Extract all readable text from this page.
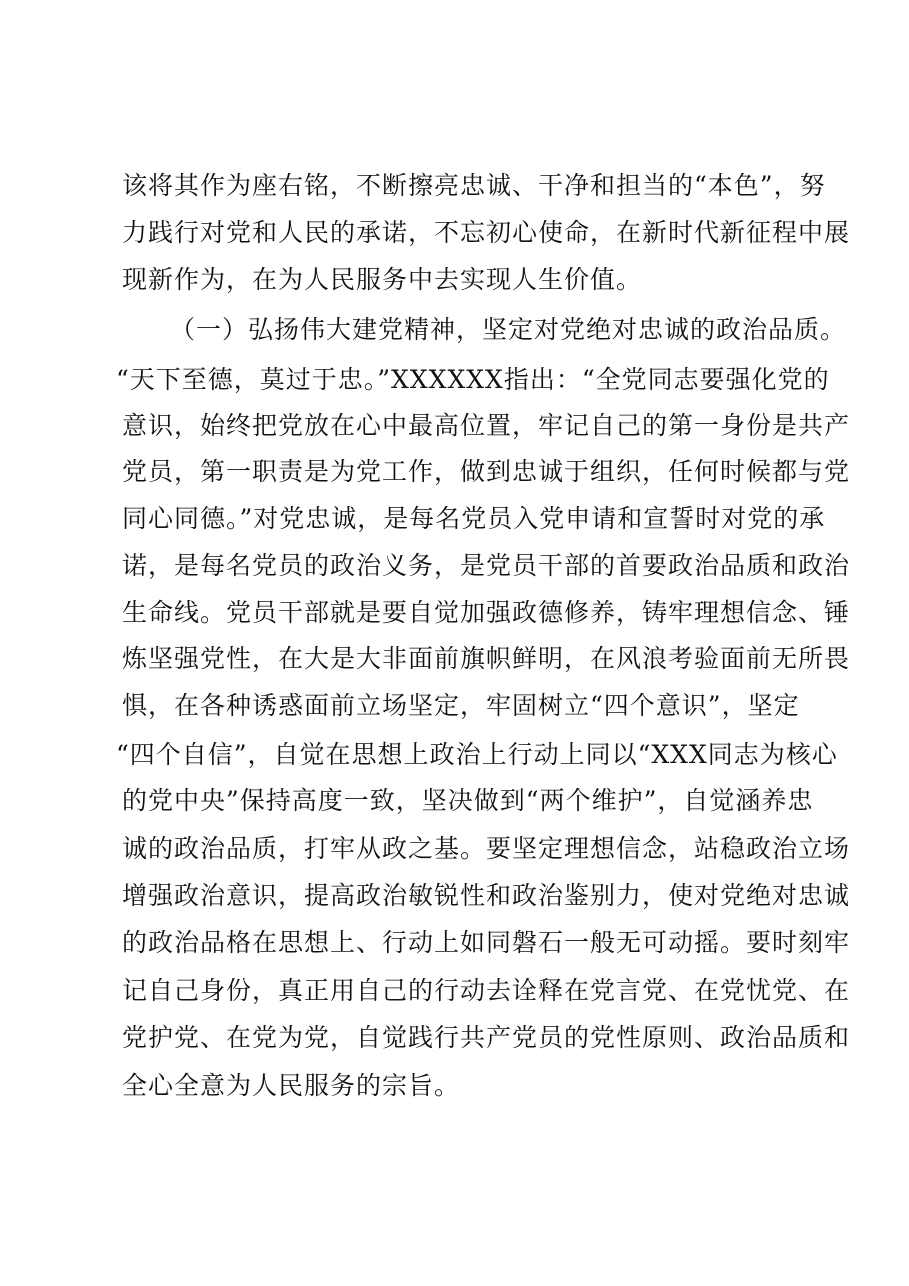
该将其作为座右铭，不断擦亮忠诚、干净和担当的“本色”，努
力践行对党和人民的承诺，不忘初心使命，在新时代新征程中展
现新作为，在为人民服务中去实现人生价值。
（一）弘扬伟大建党精神，坚定对党绝对忠诚的政治品质。
“天下至德，莫过于忠。”XXXXXX指出：“全党同志要强化党的
意识，始终把党放在心中最高位置，牢记自己的第一身份是共产
党员，第一职责是为党工作，做到忠诚于组织，任何时候都与党
同心同德。”对党忠诚，是每名党员入党申请和宣誓时对党的承
诺，是每名党员的政治义务，是党员干部的首要政治品质和政治
生命线。党员干部就是要自觉加强政德修养，铸牢理想信念、锤
炼坚强党性，在大是大非面前旗帜鲜明，在风浪考验面前无所畏
惧，在各种诱惑面前立场坚定，牢固树立“四个意识”，坚定
“四个自信”，自觉在思想上政治上行动上同以“XXX同志为核心
的党中央”保持高度一致，坚决做到“两个维护”，自觉涵养忠
诚的政治品质，打牢从政之基。要坚定理想信念，站稳政治立场
增强政治意识，提高政治敏锐性和政治鉴别力，使对党绝对忠诚
的政治品格在思想上、行动上如同磐石一般无可动摇。要时刻牢
记自己身份，真正用自己的行动去诠释在党言党、在党忧党、在
党护党、在党为党，自觉践行共产党员的党性原则、政治品质和
全心全意为人民服务的宗旨。
